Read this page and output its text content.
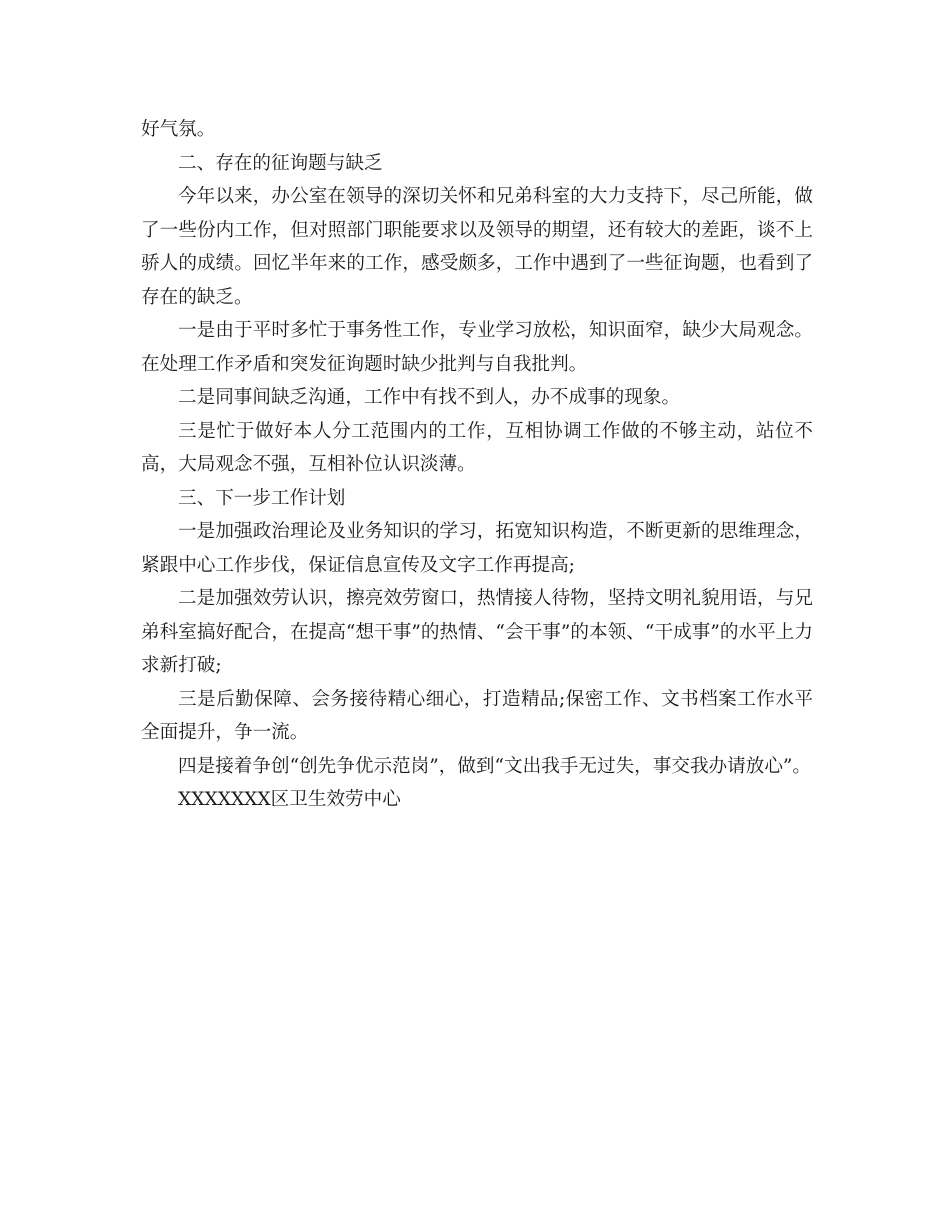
好气氛。

二、存在的征询题与缺乏

今年以来，办公室在领导的深切关怀和兄弟科室的大力支持下，尽己所能，做了一些份内工作，但对照部门职能要求以及领导的期望，还有较大的差距，谈不上骄人的成绩。回忆半年来的工作，感受颇多，工作中遇到了一些征询题，也看到了存在的缺乏。

一是由于平时多忙于事务性工作，专业学习放松，知识面窄，缺少大局观念。在处理工作矛盾和突发征询题时缺少批判与自我批判。

二是同事间缺乏沟通，工作中有找不到人，办不成事的现象。

三是忙于做好本人分工范围内的工作，互相协调工作做的不够主动，站位不高，大局观念不强，互相补位认识淡薄。

三、下一步工作计划

一是加强政治理论及业务知识的学习，拓宽知识构造，不断更新的思维理念，紧跟中心工作步伐，保证信息宣传及文字工作再提高;

二是加强效劳认识，擦亮效劳窗口，热情接人待物，坚持文明礼貌用语，与兄弟科室搞好配合，在提高“想干事”的热情、“会干事”的本领、“干成事”的水平上力求新打破;

三是后勤保障、会务接待精心细心，打造精品;保密工作、文书档案工作水平全面提升，争一流。

四是接着争创“创先争优示范岗”，做到“文出我手无过失，事交我办请放心”。

XXXXXXX区卫生效劳中心
